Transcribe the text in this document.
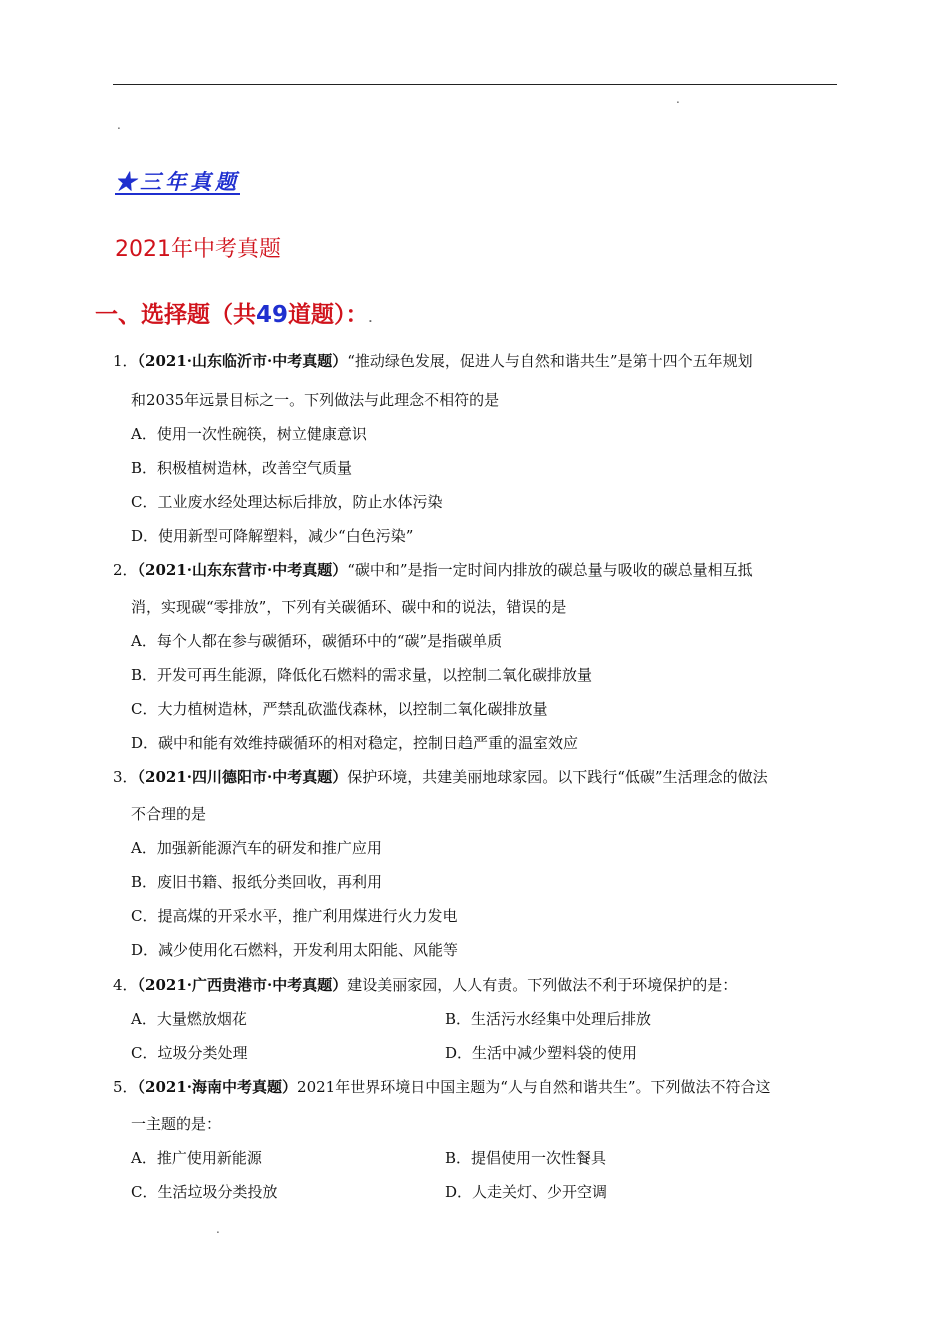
.
.
★三年真题
2021年中考真题
一、选择题（共49道题）：.
1．（2021·山东临沂市·中考真题）“推动绿色发展，促进人与自然和谐共生”是第十四个五年规划
和2035年远景目标之一。下列做法与此理念不相符的是
A．使用一次性碗筷，树立健康意识
B．积极植树造林，改善空气质量
C．工业废水经处理达标后排放，防止水体污染
D．使用新型可降解塑料，减少“白色污染”
2．（2021·山东东营市·中考真题）“碳中和”是指一定时间内排放的碳总量与吸收的碳总量相互抵
消，实现碳“零排放”，下列有关碳循环、碳中和的说法，错误的是
A．每个人都在参与碳循环，碳循环中的“碳”是指碳单质
B．开发可再生能源，降低化石燃料的需求量，以控制二氧化碳排放量
C．大力植树造林，严禁乱砍滥伐森林，以控制二氧化碳排放量
D．碳中和能有效维持碳循环的相对稳定，控制日趋严重的温室效应
3．（2021·四川德阳市·中考真题）保护环境，共建美丽地球家园。以下践行“低碳”生活理念的做法
不合理的是
A．加强新能源汽车的研发和推广应用
B．废旧书籍、报纸分类回收，再利用
C．提高煤的开采水平，推广利用煤进行火力发电
D．减少使用化石燃料，开发利用太阳能、风能等
4．（2021·广西贵港市·中考真题）建设美丽家园，人人有责。下列做法不利于环境保护的是：
A．大量燃放烟花	B．生活污水经集中处理后排放
C．垃圾分类处理	D．生活中减少塑料袋的使用
5．（2021·海南中考真题）2021年世界环境日中国主题为“人与自然和谐共生”。下列做法不符合这
一主题的是：
A．推广使用新能源	B．提倡使用一次性餐具
C．生活垃圾分类投放	D．人走关灯、少开空调
.
